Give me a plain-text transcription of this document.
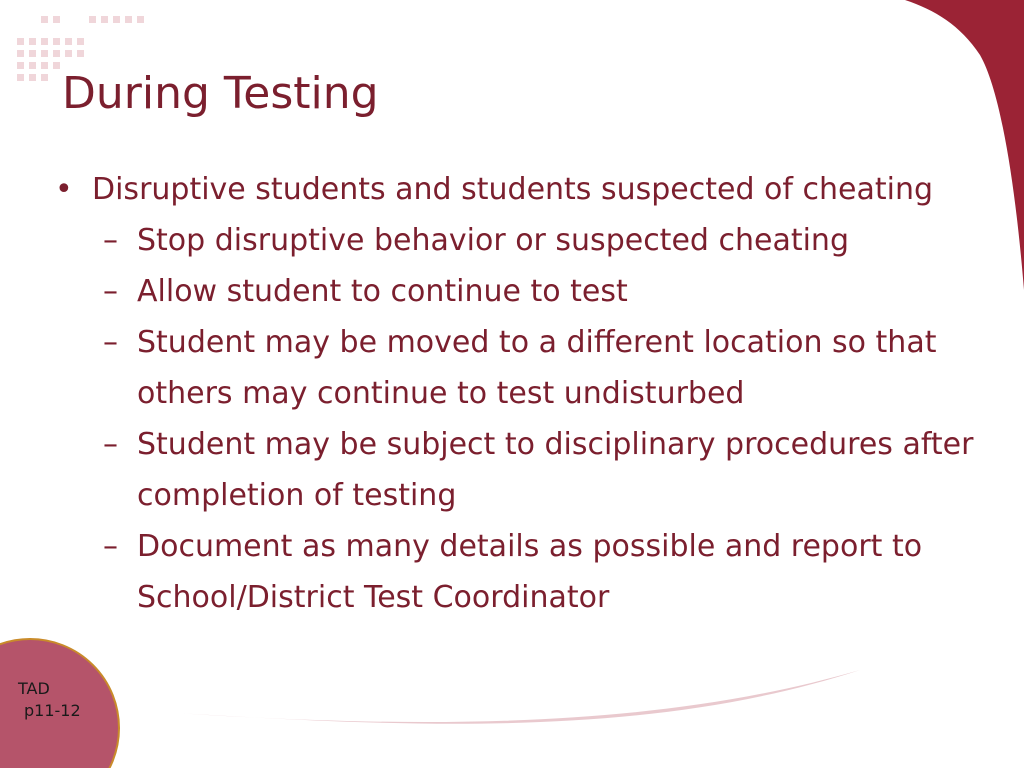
During Testing
• Disruptive students and students suspected of cheating
– Stop disruptive behavior or suspected cheating
– Allow student to continue to test
– Student may be moved to a different location so that others may continue to test undisturbed
– Student may be subject to disciplinary procedures after completion of testing
– Document as many details as possible and report to School/District Test Coordinator
TAD
p11-12
